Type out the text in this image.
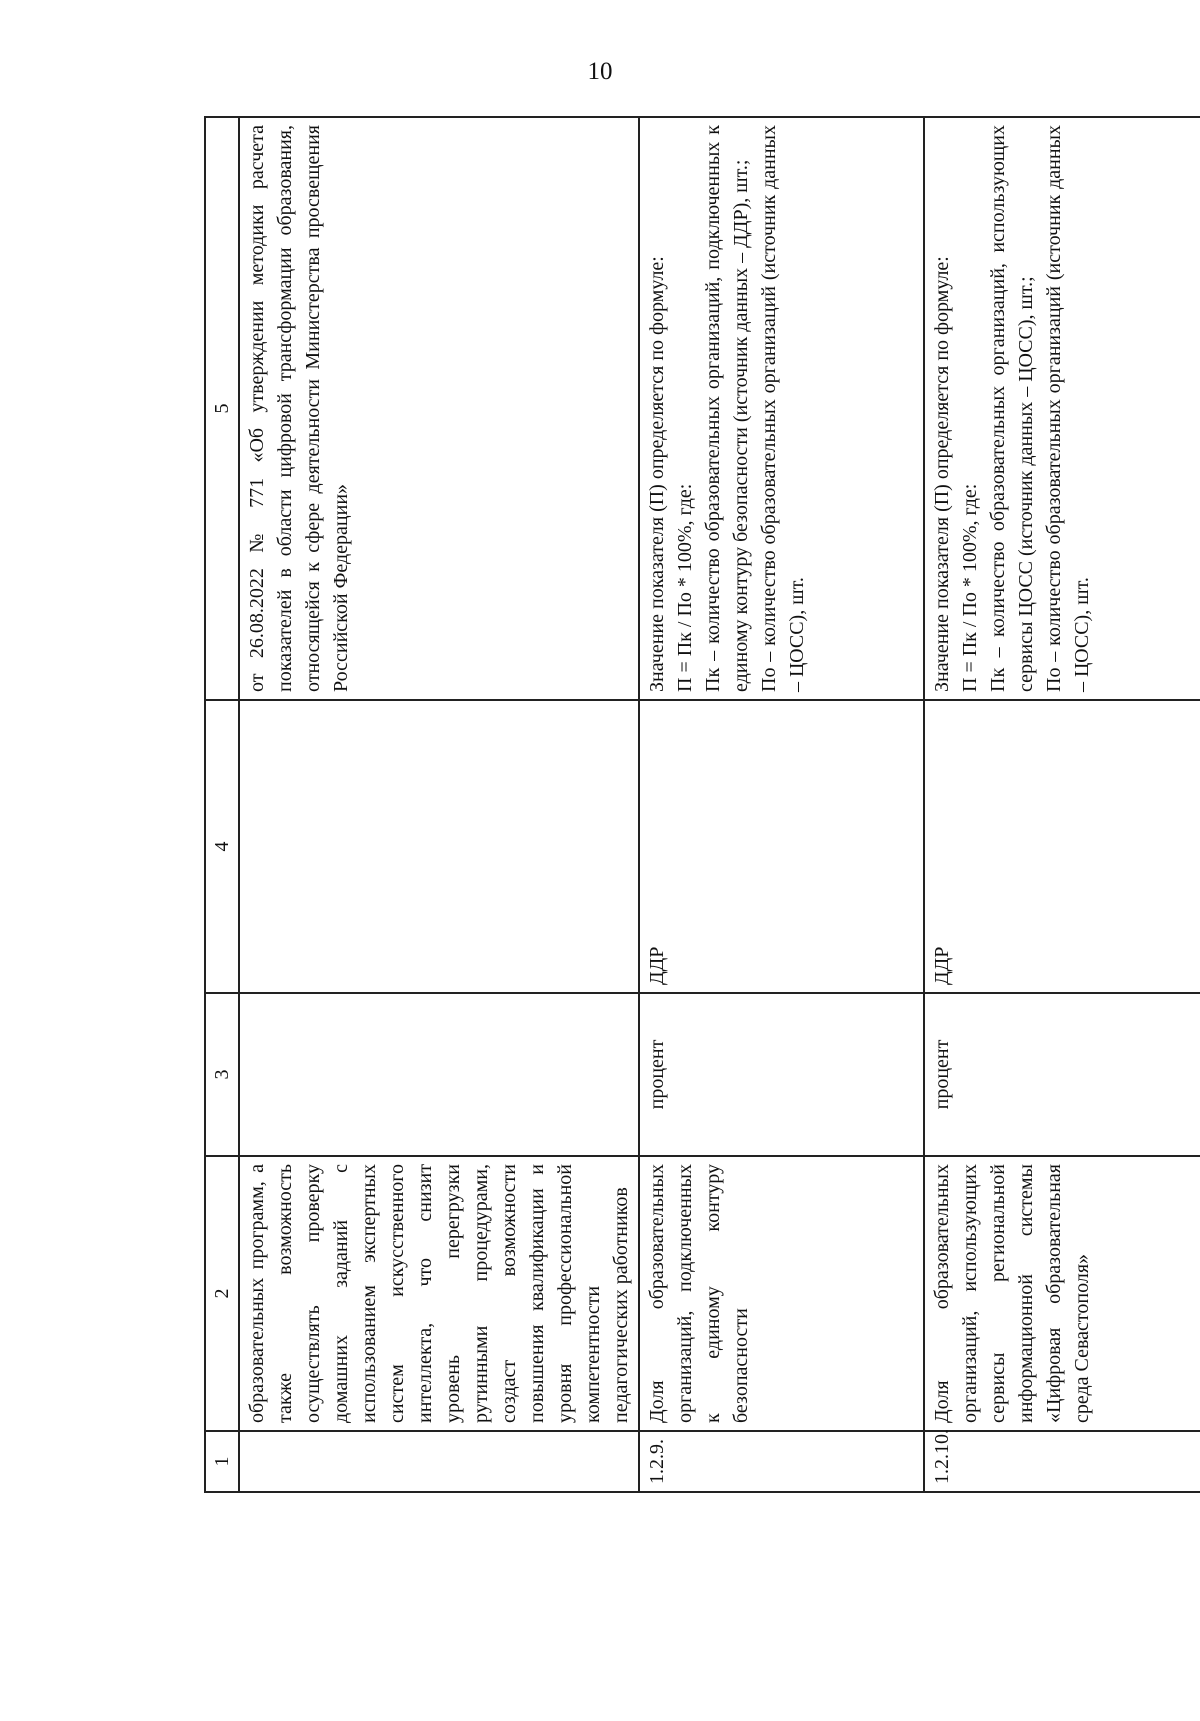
10
1	2	3	4	5
	образовательных программ, а также возможность осуществлять проверку домашних заданий с использованием экспертных систем искусственного интеллекта, что снизит уровень перегрузки рутинными процедурами, создаст возможности повышения квалификации и уровня профессиональной компетентности педагогических работников			от 26.08.2022 № 771 «Об утверждении методики расчета показателей в области цифровой трансформации образования, относящейся к сфере деятельности Министерства просвещения Российской Федерации»

1.2.9.	Доля образовательных организаций, подключенных к единому контуру безопасности	процент	ДДР	Значение показателя (П) определяется по формуле: П = Пк / По * 100%, где: Пк – количество образовательных организаций, подключенных к единому контуру безопасности (источник данных – ДДР), шт.; По – количество образовательных организаций (источник данных – ЦОСС), шт.

1.2.10.	Доля образовательных организаций, использующих сервисы региональной информационной системы «Цифровая образовательная среда Севастополя»	процент	ДДР	Значение показателя (П) определяется по формуле: П = Пк / По * 100%, где: Пк – количество образовательных организаций, использующих сервисы ЦОСС (источник данных – ЦОСС), шт.; По – количество образовательных организаций (источник данных – ЦОСС), шт.
